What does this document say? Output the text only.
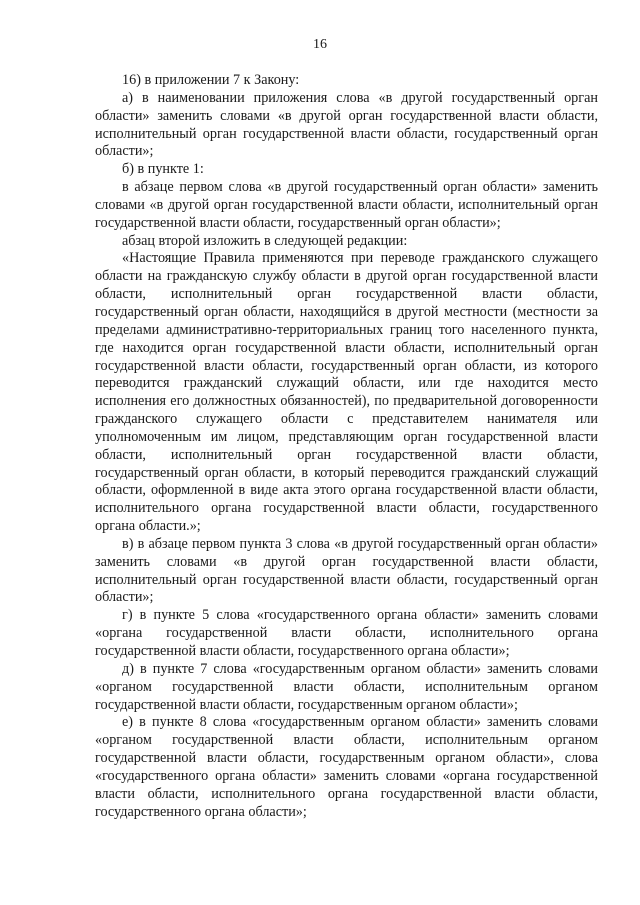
16

16) в приложении 7 к Закону:

а) в наименовании приложения слова «в другой государственный орган области» заменить словами «в другой орган государственной власти области, исполнительный орган государственной власти области, государственный орган области»;

б) в пункте 1:

в абзаце первом слова «в другой государственный орган области» заменить словами «в другой орган государственной власти области, исполнительный орган государственной власти области, государственный орган области»;

абзац второй изложить в следующей редакции:

«Настоящие Правила применяются при переводе гражданского служащего области на гражданскую службу области в другой орган государственной власти области, исполнительный орган государственной власти области, государственный орган области, находящийся в другой местности (местности за пределами административно-территориальных границ того населенного пункта, где находится орган государственной власти области, исполнительный орган государственной власти области, государственный орган области, из которого переводится гражданский служащий области, или где находится место исполнения его должностных обязанностей), по предварительной договоренности гражданского служащего области с представителем нанимателя или уполномоченным им лицом, представляющим орган государственной власти области, исполнительный орган государственной власти области, государственный орган области, в который переводится гражданский служащий области, оформленной в виде акта этого органа государственной власти области, исполнительного органа государственной власти области, государственного органа области.»;

в) в абзаце первом пункта 3 слова «в другой государственный орган области» заменить словами «в другой орган государственной власти области, исполнительный орган государственной власти области, государственный орган области»;

г) в пункте 5 слова «государственного органа области» заменить словами «органа государственной власти области, исполнительного органа государственной власти области, государственного органа области»;

д) в пункте 7 слова «государственным органом области» заменить словами «органом государственной власти области, исполнительным органом государственной власти области, государственным органом области»;

е) в пункте 8 слова «государственным органом области» заменить словами «органом государственной власти области, исполнительным органом государственной власти области, государственным органом области», слова «государственного органа области» заменить словами «органа государственной власти области, исполнительного органа государственной власти области, государственного органа области»;
